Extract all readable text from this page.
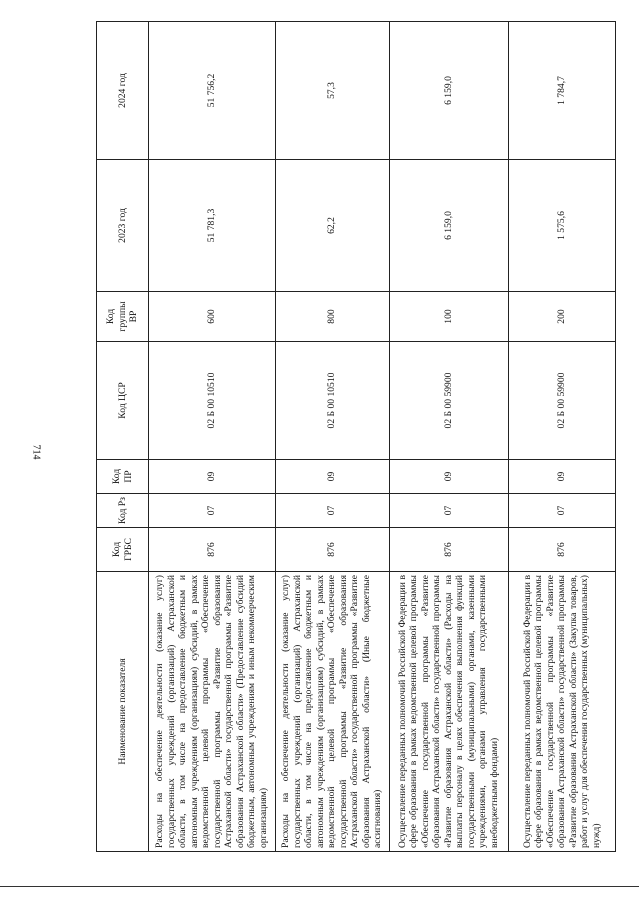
714
Наименование показателя	Код ГРБС	Код Рз	Код ПР	Код ЦСР	Код группы ВР	2023 год	2024 год
Расходы на обеспечение деятельности (оказание услуг) государственных учреждений (организаций) Астраханской области, в том числе на предоставление бюджетным и автономным учреждениям (организациям) субсидий, в рамках ведомственной целевой программы «Обеспечение государственной программы «Развитие образования Астраханской области» государственной программы «Развитие образования Астраханской области» (Предоставление субсидий бюджетным, автономным учреждениям и иным некоммерческим организациям)	876	07	09	02 Б 00 10510	600	51 781,3	51 756,2
Расходы на обеспечение деятельности (оказание услуг) государственных учреждений (организаций) Астраханской области, в том числе на предоставление бюджетным и автономным учреждениям (организациям) субсидий, в рамках ведомственной целевой программы «Обеспечение государственной программы «Развитие образования Астраханской области» государственной программы «Развитие образования Астраханской области» (Иные бюджетные ассигнования)	876	07	09	02 Б 00 10510	800	62,2	57,3
Осуществление переданных полномочий Российской Федерации в сфере образования в рамках ведомственной целевой программы «Обеспечение государственной программы «Развитие образования Астраханской области» государственной программы «Развитие образования Астраханской области» (Расходы на выплаты персоналу в целях обеспечения выполнения функций государственными (муниципальными) органами, казенными учреждениями, органами управления государственными внебюджетными фондами)	876	07	09	02 Б 00 59900	100	6 159,0	6 159,0
Осуществление переданных полномочий Российской Федерации в сфере образования в рамках ведомственной целевой программы «Обеспечение государственной программы «Развитие образования Астраханской области» государственной программы «Развитие образования Астраханской области» (Закупка товаров, работ и услуг для обеспечения государственных (муниципальных) нужд)	876	07	09	02 Б 00 59900	200	1 575,6	1 784,7
